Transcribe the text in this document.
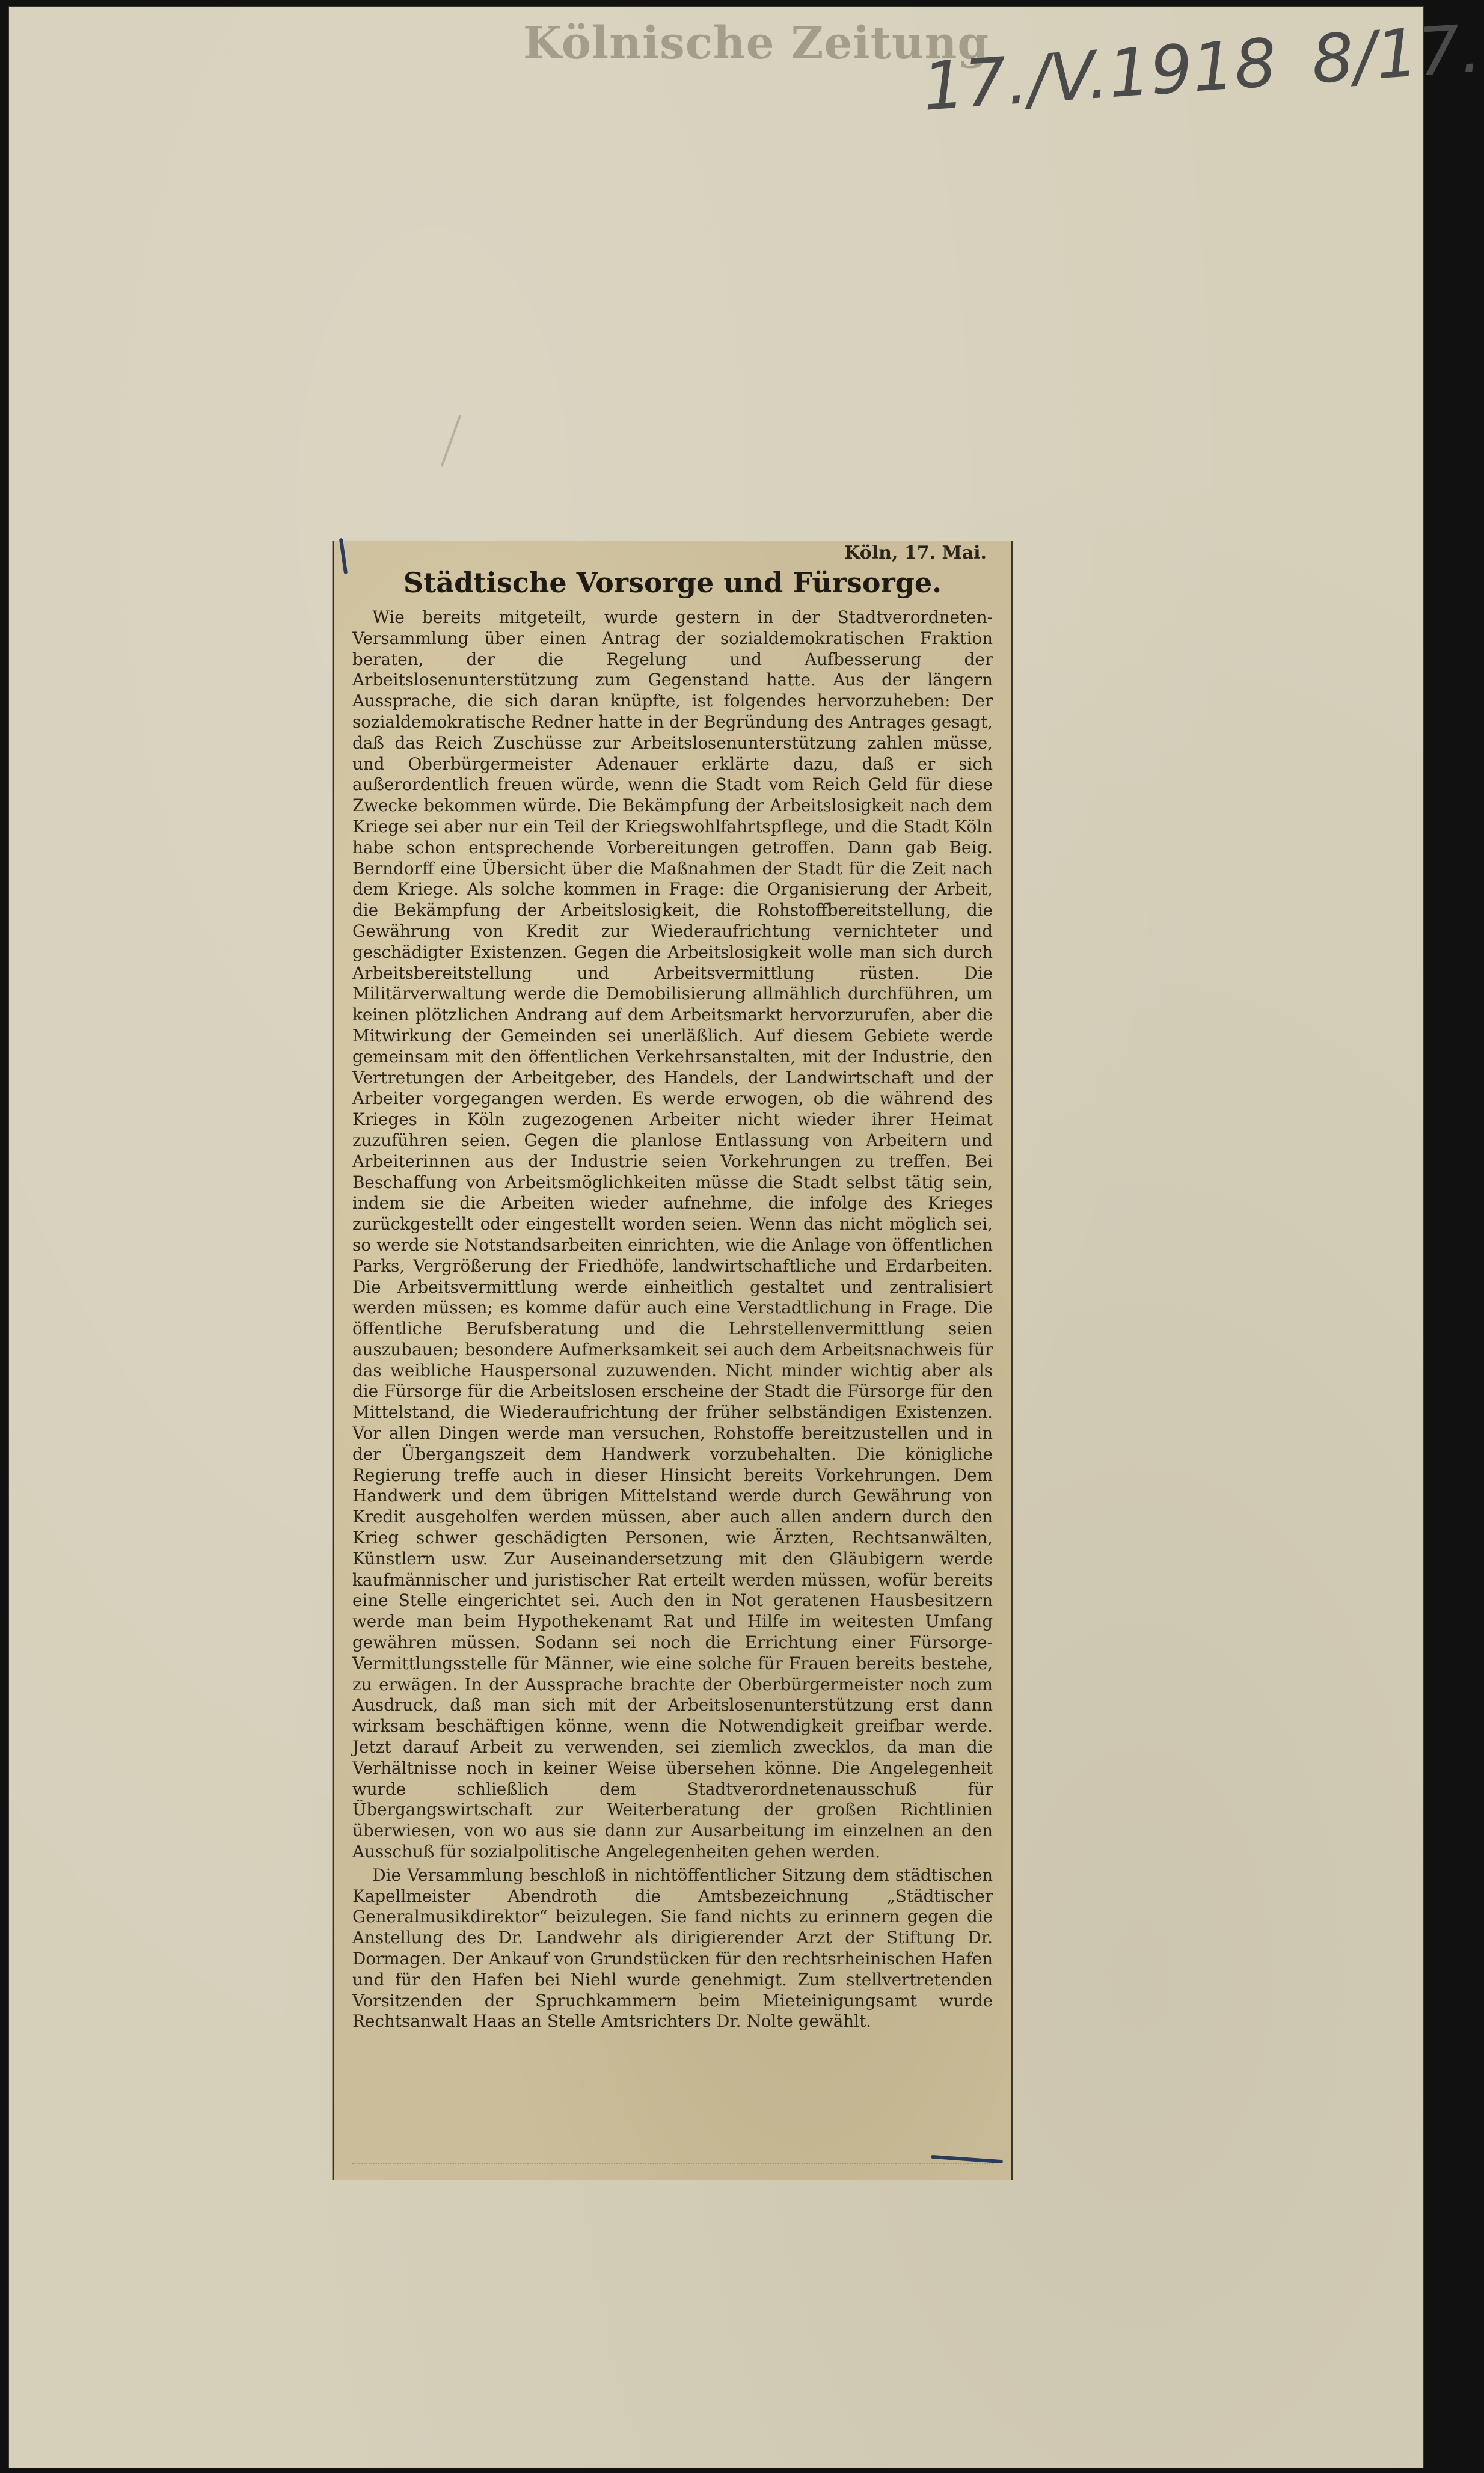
Kölnische Zeitung
17./V.1918 8/17.
Köln, 17. Mai.
Städtische Vorsorge und Fürsorge.

Wie bereits mitgeteilt, wurde gestern in der Stadtverordneten-Versammlung über einen Antrag der sozialdemokratischen Fraktion beraten, der die Regelung und Aufbesserung der Arbeitslosenunterstützung zum Gegenstand hatte. Aus der längern Aussprache, die sich daran knüpfte, ist folgendes hervorzuheben: Der sozialdemokratische Redner hatte in der Begründung des Antrages gesagt, daß das Reich Zuschüsse zur Arbeitslosenunterstützung zahlen müsse, und Oberbürgermeister Adenauer erklärte dazu, daß er sich außerordentlich freuen würde, wenn die Stadt vom Reich Geld für diese Zwecke bekommen würde. Die Bekämpfung der Arbeitslosigkeit nach dem Kriege sei aber nur ein Teil der Kriegswohlfahrtspflege, und die Stadt Köln habe schon entsprechende Vorbereitungen getroffen. Dann gab Beig. Berndorff eine Übersicht über die Maßnahmen der Stadt für die Zeit nach dem Kriege. Als solche kommen in Frage: die Organisierung der Arbeit, die Bekämpfung der Arbeitslosigkeit, die Rohstoffbereitstellung, die Gewährung von Kredit zur Wiederaufrichtung vernichteter und geschädigter Existenzen. Gegen die Arbeitslosigkeit wolle man sich durch Arbeitsbereitstellung und Arbeitsvermittlung rüsten. Die Militärverwaltung werde die Demobilisierung allmählich durchführen, um keinen plötzlichen Andrang auf dem Arbeitsmarkt hervorzurufen, aber die Mitwirkung der Gemeinden sei unerläßlich. Auf diesem Gebiete werde gemeinsam mit den öffentlichen Verkehrsanstalten, mit der Industrie, den Vertretungen der Arbeitgeber, des Handels, der Landwirtschaft und der Arbeiter vorgegangen werden. Es werde erwogen, ob die während des Krieges in Köln zugezogenen Arbeiter nicht wieder ihrer Heimat zuzuführen seien. Gegen die planlose Entlassung von Arbeitern und Arbeiterinnen aus der Industrie seien Vorkehrungen zu treffen. Bei Beschaffung von Arbeitsmöglichkeiten müsse die Stadt selbst tätig sein, indem sie die Arbeiten wieder aufnehme, die infolge des Krieges zurückgestellt oder eingestellt worden seien. Wenn das nicht möglich sei, so werde sie Notstandsarbeiten einrichten, wie die Anlage von öffentlichen Parks, Vergrößerung der Friedhöfe, landwirtschaftliche und Erdarbeiten. Die Arbeitsvermittlung werde einheitlich gestaltet und zentralisiert werden müssen; es komme dafür auch eine Verstadtlichung in Frage. Die öffentliche Berufsberatung und die Lehrstellenvermittlung seien auszubauen; besondere Aufmerksamkeit sei auch dem Arbeitsnachweis für das weibliche Hauspersonal zuzuwenden. Nicht minder wichtig aber als die Fürsorge für die Arbeitslosen erscheine der Stadt die Fürsorge für den Mittelstand, die Wiederaufrichtung der früher selbständigen Existenzen. Vor allen Dingen werde man versuchen, Rohstoffe bereitzustellen und in der Übergangszeit dem Handwerk vorzubehalten. Die königliche Regierung treffe auch in dieser Hinsicht bereits Vorkehrungen. Dem Handwerk und dem übrigen Mittelstand werde durch Gewährung von Kredit ausgeholfen werden müssen, aber auch allen andern durch den Krieg schwer geschädigten Personen, wie Ärzten, Rechtsanwälten, Künstlern usw. Zur Auseinandersetzung mit den Gläubigern werde kaufmännischer und juristischer Rat erteilt werden müssen, wofür bereits eine Stelle eingerichtet sei. Auch den in Not geratenen Hausbesitzern werde man beim Hypothekenamt Rat und Hilfe im weitesten Umfang gewähren müssen. Sodann sei noch die Errichtung einer Fürsorge-Vermittlungsstelle für Männer, wie eine solche für Frauen bereits bestehe, zu erwägen. In der Aussprache brachte der Oberbürgermeister noch zum Ausdruck, daß man sich mit der Arbeitslosenunterstützung erst dann wirksam beschäftigen könne, wenn die Notwendigkeit greifbar werde. Jetzt darauf Arbeit zu verwenden, sei ziemlich zwecklos, da man die Verhältnisse noch in keiner Weise übersehen könne. Die Angelegenheit wurde schließlich dem Stadtverordnetenausschuß für Übergangswirtschaft zur Weiterberatung der großen Richtlinien überwiesen, von wo aus sie dann zur Ausarbeitung im einzelnen an den Ausschuß für sozialpolitische Angelegenheiten gehen werden.

Die Versammlung beschloß in nichtöffentlicher Sitzung dem städtischen Kapellmeister Abendroth die Amtsbezeichnung „Städtischer Generalmusikdirektor“ beizulegen. Sie fand nichts zu erinnern gegen die Anstellung des Dr. Landwehr als dirigierender Arzt der Stiftung Dr. Dormagen. Der Ankauf von Grundstücken für den rechtsrheinischen Hafen und für den Hafen bei Niehl wurde genehmigt. Zum stellvertretenden Vorsitzenden der Spruchkammern beim Mieteinigungsamt wurde Rechtsanwalt Haas an Stelle Amtsrichters Dr. Nolte gewählt.
